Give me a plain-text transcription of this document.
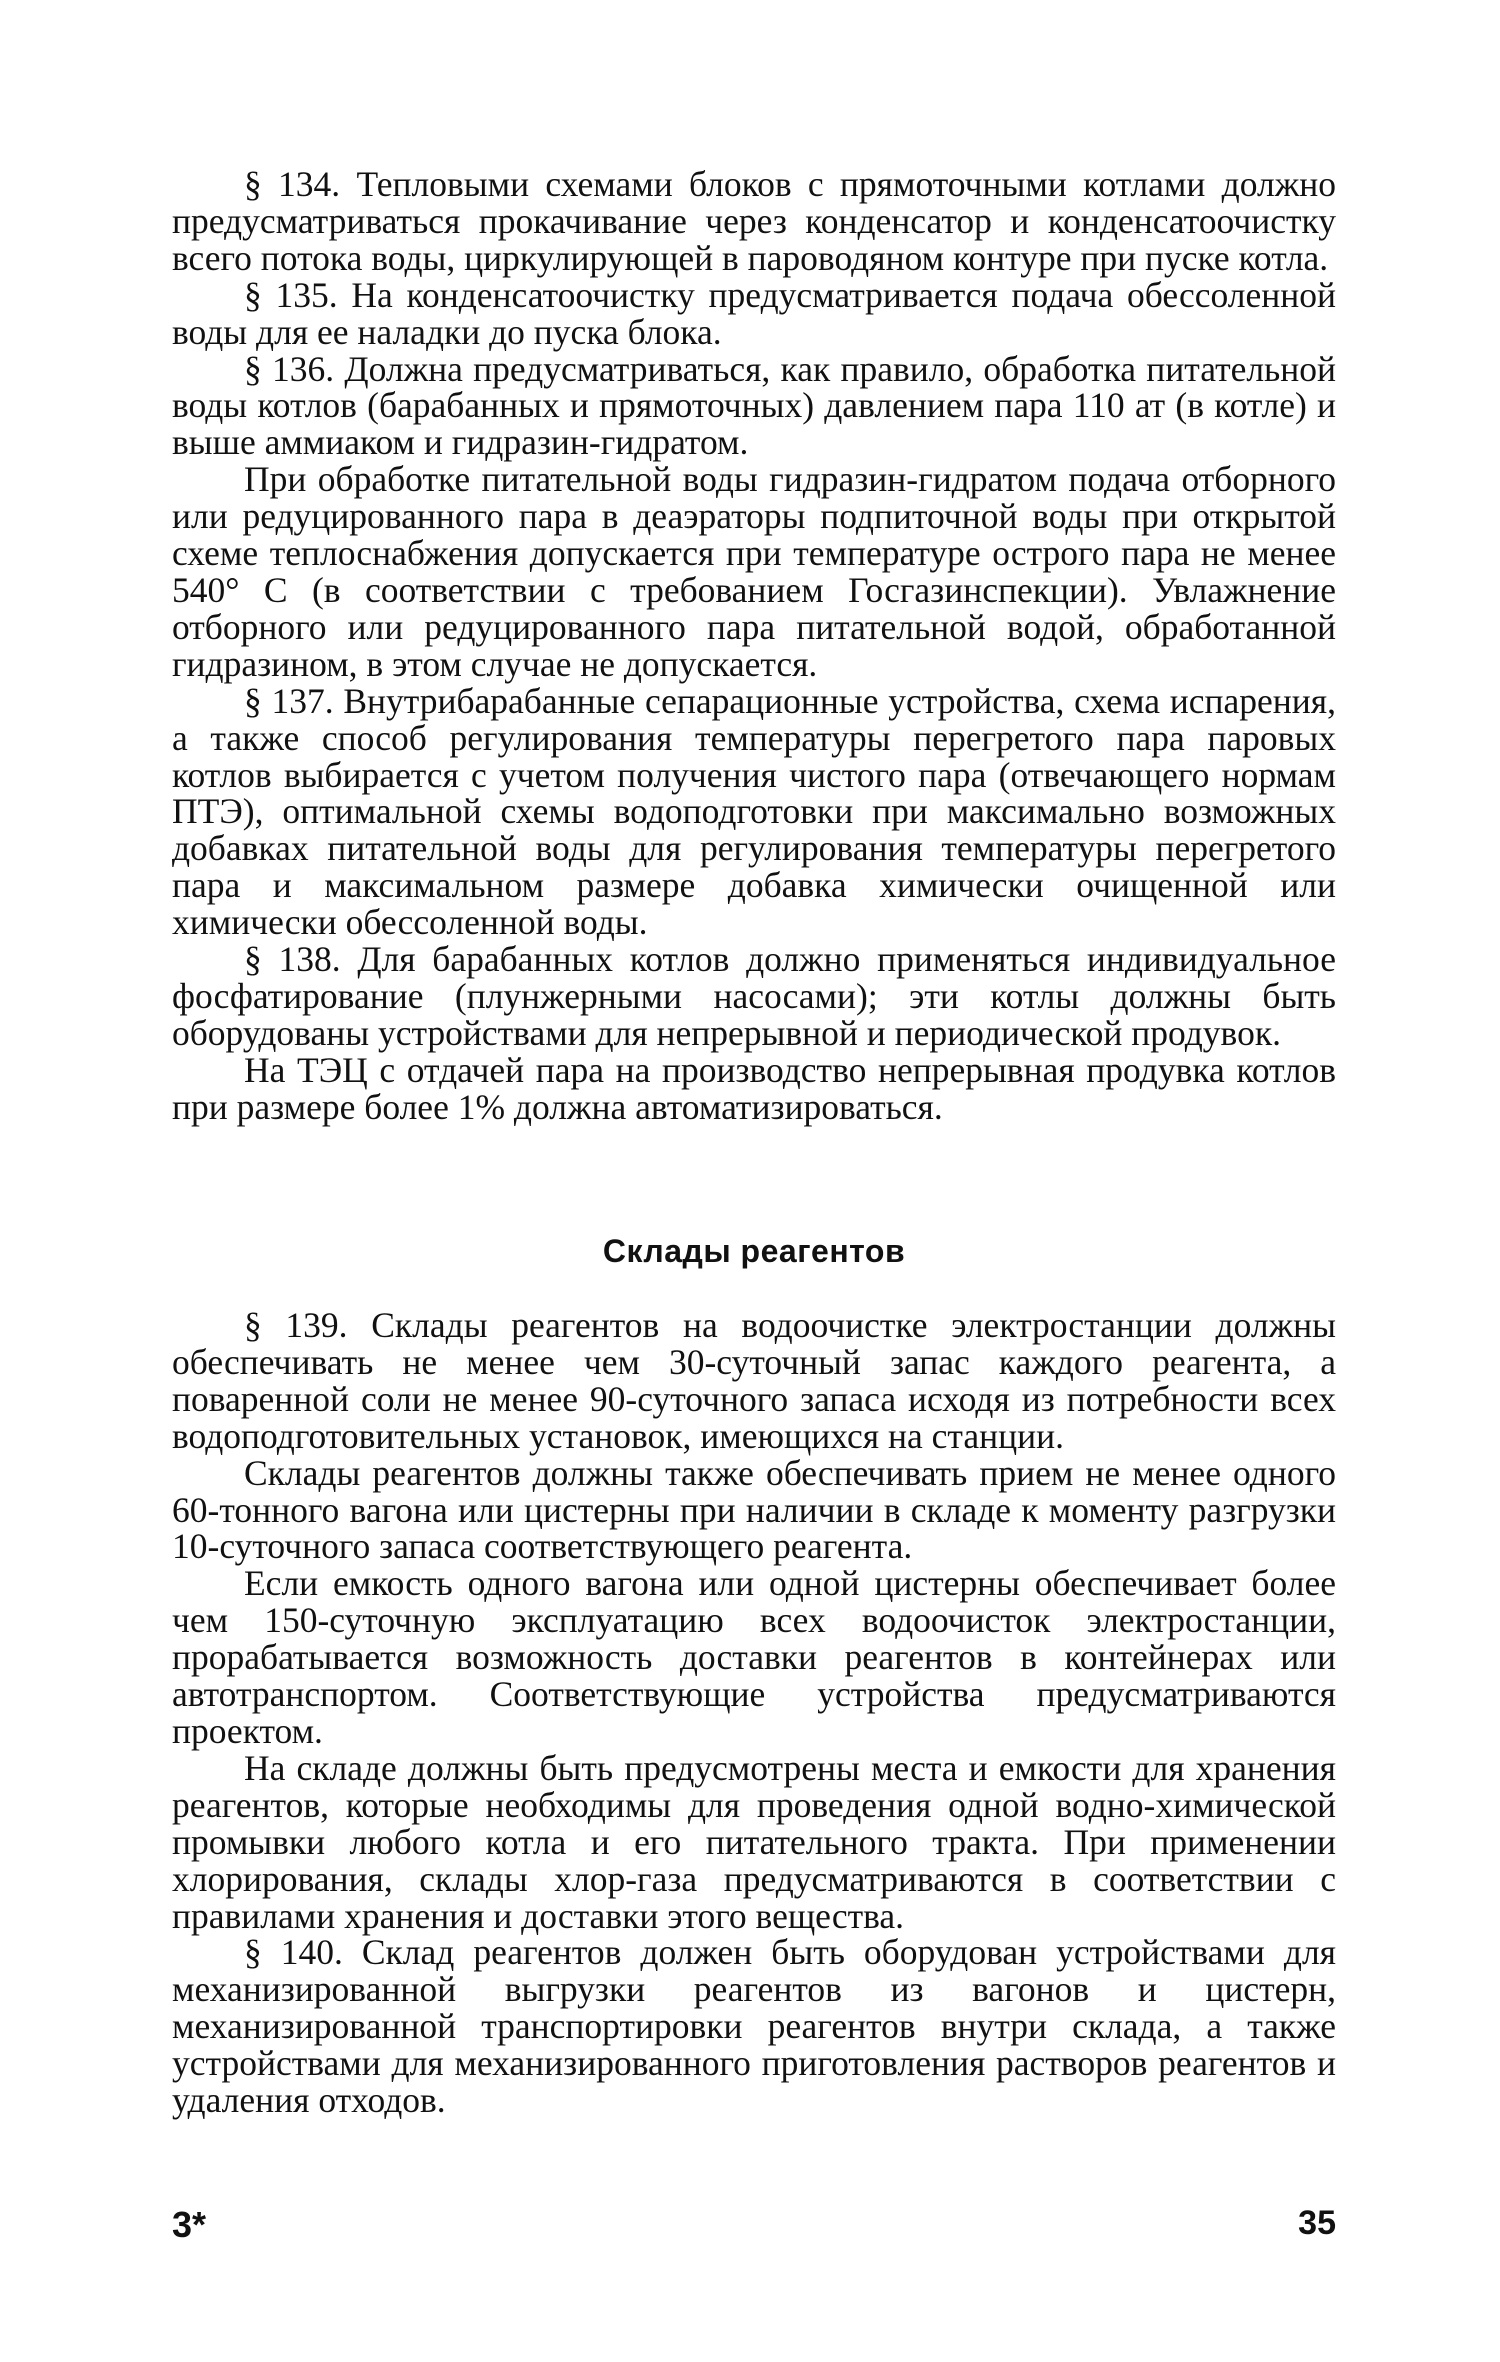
§ 134. Тепловыми схемами блоков с прямоточными котлами должно предусматриваться прокачивание через конденсатор и конденсатоочистку всего потока воды, циркулирующей в пароводяном контуре при пуске котла.

§ 135. На конденсатоочистку предусматривается подача обессоленной воды для ее наладки до пуска блока.

§ 136. Должна предусматриваться, как правило, обработка питательной воды котлов (барабанных и прямоточных) давлением пара 110 ат (в котле) и выше аммиаком и гидразин-гидратом.

При обработке питательной воды гидразин-гидратом подача отборного или редуцированного пара в деаэраторы подпиточной воды при открытой схеме теплоснабжения допускается при температуре острого пара не менее 540° С (в соответствии с требованием Госгазинспекции). Увлажнение отборного или редуцированного пара питательной водой, обработанной гидразином, в этом случае не допускается.

§ 137. Внутрибарабанные сепарационные устройства, схема испарения, а также способ регулирования температуры перегретого пара паровых котлов выбирается с учетом получения чистого пара (отвечающего нормам ПТЭ), оптимальной схемы водоподготовки при максимально возможных добавках питательной воды для регулирования температуры перегретого пара и максимальном размере добавка химически очищенной или химически обессоленной воды.

§ 138. Для барабанных котлов должно применяться индивидуальное фосфатирование (плунжерными насосами); эти котлы должны быть оборудованы устройствами для непрерывной и периодической продувок.

На ТЭЦ с отдачей пара на производство непрерывная продувка котлов при размере более 1% должна автоматизироваться.

Склады реагентов

§ 139. Склады реагентов на водоочистке электростанции должны обеспечивать не менее чем 30-суточный запас каждого реагента, а поваренной соли не менее 90-суточного запаса исходя из потребности всех водоподготовительных установок, имеющихся на станции.

Склады реагентов должны также обеспечивать прием не менее одного 60-тонного вагона или цистерны при наличии в складе к моменту разгрузки 10-суточного запаса соответствующего реагента.

Если емкость одного вагона или одной цистерны обеспечивает более чем 150-суточную эксплуатацию всех водоочисток электростанции, прорабатывается возможность доставки реагентов в контейнерах или автотранспортом. Соответствующие устройства предусматриваются проектом.

На складе должны быть предусмотрены места и емкости для хранения реагентов, которые необходимы для проведения одной водно-химической промывки любого котла и его питательного тракта. При применении хлорирования, склады хлор-газа предусматриваются в соответствии с правилами хранения и доставки этого вещества.

§ 140. Склад реагентов должен быть оборудован устройствами для механизированной выгрузки реагентов из вагонов и цистерн, механизированной транспортировки реагентов внутри склада, а также устройствами для механизированного приготовления растворов реагентов и удаления отходов.

3*	35
